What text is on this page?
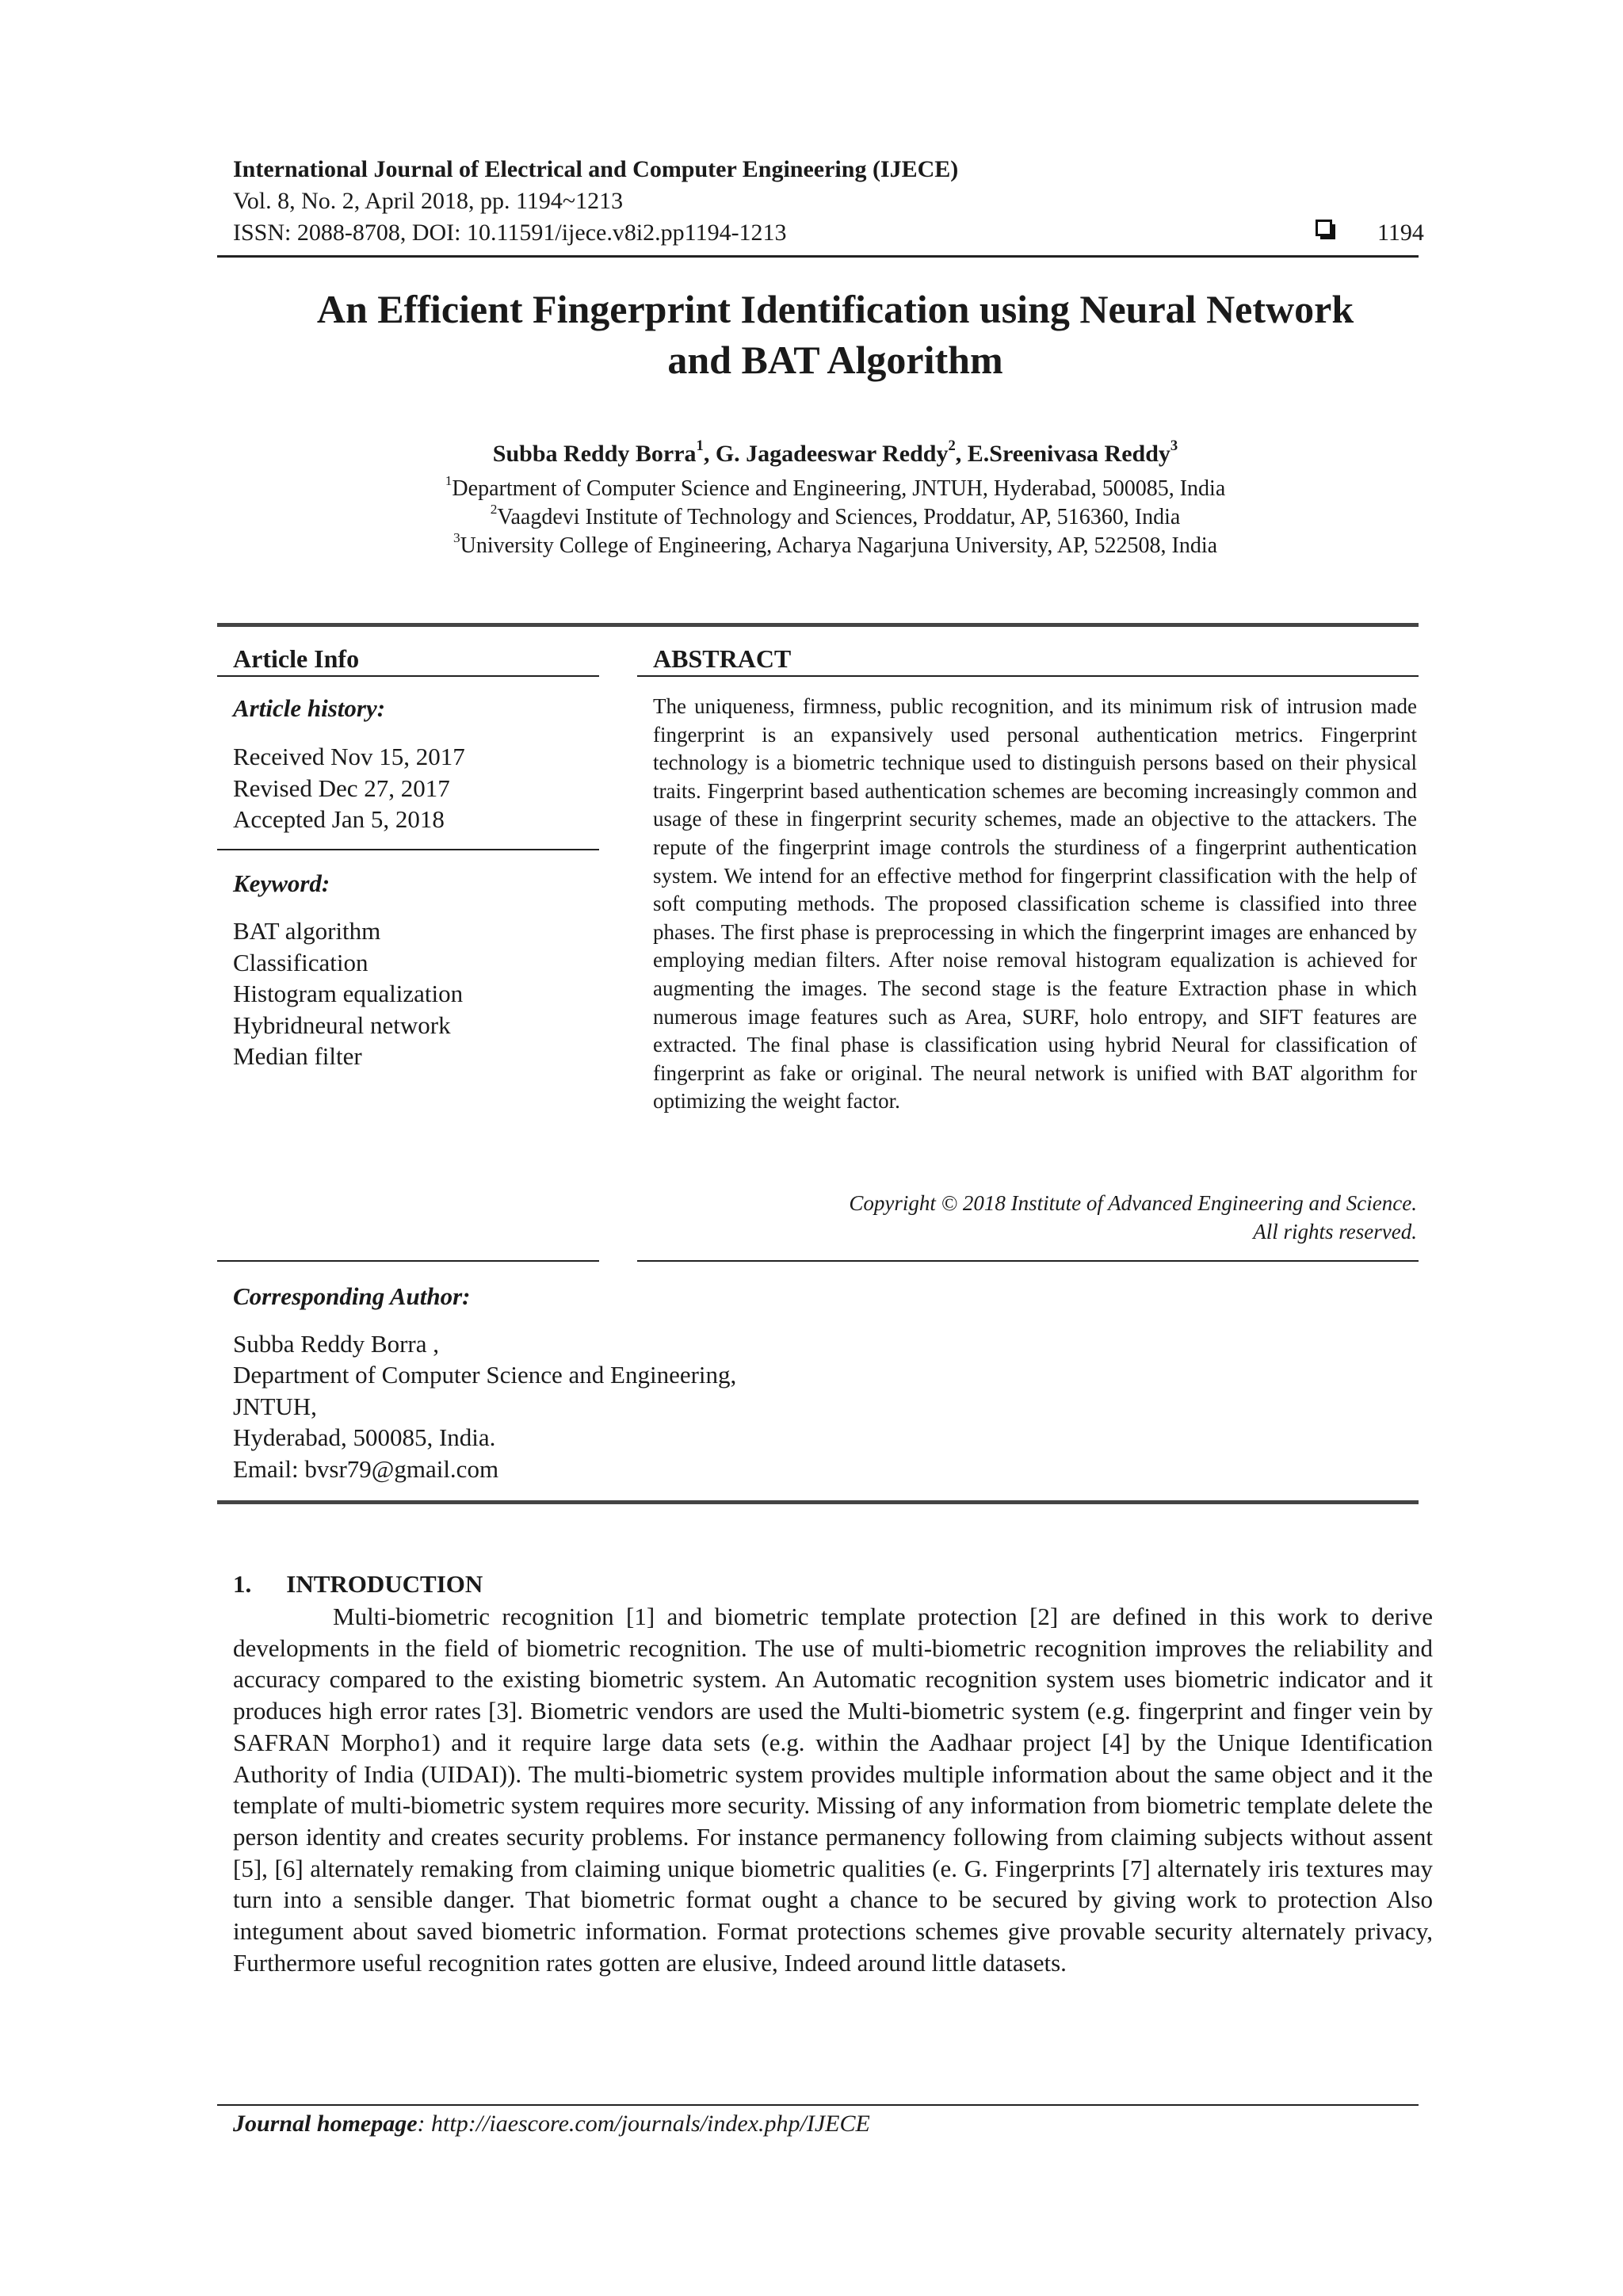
International Journal of Electrical and Computer Engineering (IJECE)
Vol. 8, No. 2, April 2018, pp. 1194~1213
ISSN: 2088-8708, DOI: 10.11591/ijece.v8i2.pp1194-1213	1194
An Efficient Fingerprint Identification using Neural Network
and BAT Algorithm
Subba Reddy Borra$^1$, G. Jagadeeswar Reddy$^2$, E.Sreenivasa Reddy$^3$
$^1$Department of Computer Science and Engineering, JNTUH, Hyderabad, 500085, India
$^2$Vaagdevi Institute of Technology and Sciences, Proddatur, AP, 516360, India
$^3$University College of Engineering, Acharya Nagarjuna University, AP, 522508, India
Article Info
Article history:
Received Nov 15, 2017
Revised Dec 27, 2017
Accepted Jan 5, 2018
Keyword:
BAT algorithm
Classification
Histogram equalization
Hybridneural network
Median filter
ABSTRACT
The uniqueness, firmness, public recognition, and its minimum risk of intrusion made fingerprint is an expansively used personal authentication metrics. Fingerprint technology is a biometric technique used to distinguish persons based on their physical traits. Fingerprint based authentication schemes are becoming increasingly common and usage of these in fingerprint security schemes, made an objective to the attackers. The repute of the fingerprint image controls the sturdiness of a fingerprint authentication system. We intend for an effective method for fingerprint classification with the help of soft computing methods. The proposed classification scheme is classified into three phases. The first phase is preprocessing in which the fingerprint images are enhanced by employing median filters. After noise removal histogram equalization is achieved for augmenting the images. The second stage is the feature Extraction phase in which numerous image features such as Area, SURF, holo entropy, and SIFT features are extracted. The final phase is classification using hybrid Neural for classification of fingerprint as fake or original. The neural network is unified with BAT algorithm for optimizing the weight factor.
Copyright © 2018 Institute of Advanced Engineering and Science.
All rights reserved.
Corresponding Author:
Subba Reddy Borra ,
Department of Computer Science and Engineering,
JNTUH,
Hyderabad, 500085, India.
Email: bvsr79@gmail.com
1. INTRODUCTION
Multi-biometric recognition [1] and biometric template protection [2] are defined in this work to derive developments in the field of biometric recognition. The use of multi-biometric recognition improves the reliability and accuracy compared to the existing biometric system. An Automatic recognition system uses biometric indicator and it produces high error rates [3]. Biometric vendors are used the Multi-biometric system (e.g. fingerprint and finger vein by SAFRAN Morpho1) and it require large data sets (e.g. within the Aadhaar project [4] by the Unique Identification Authority of India (UIDAI)). The multi-biometric system provides multiple information about the same object and it the template of multi-biometric system requires more security. Missing of any information from biometric template delete the person identity and creates security problems. For instance permanency following from claiming subjects without assent [5], [6] alternately remaking from claiming unique biometric qualities (e. G. Fingerprints [7] alternately iris textures may turn into a sensible danger. That biometric format ought a chance to be secured by giving work to protection Also integument about saved biometric information. Format protections schemes give provable security alternately privacy, Furthermore useful recognition rates gotten are elusive, Indeed around little datasets.
Journal homepage: http://iaescore.com/journals/index.php/IJECE
